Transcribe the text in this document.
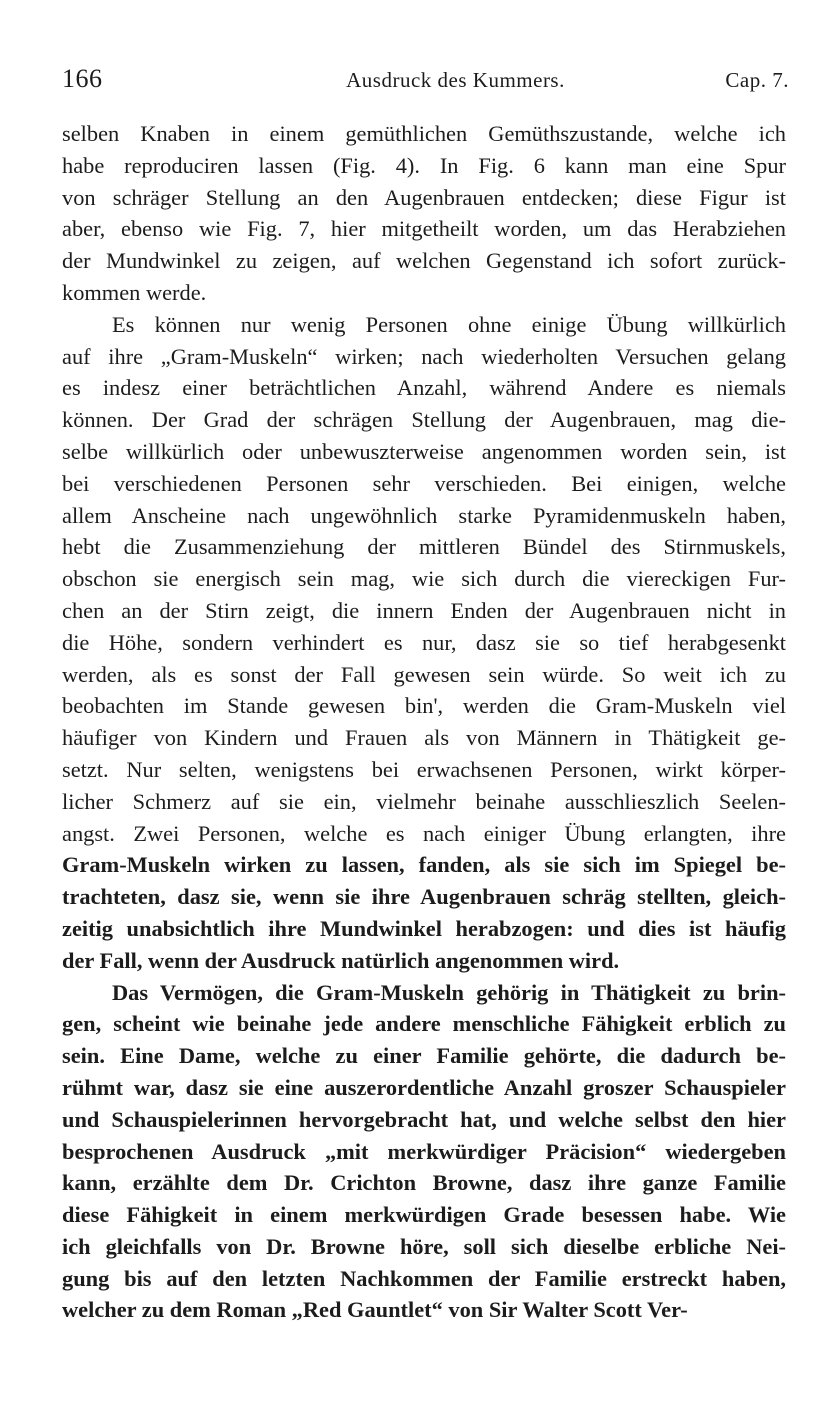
166	Ausdruck des Kummers.	Cap. 7.

selben Knaben in einem gemüthlichen Gemüthszustande, welche ich
habe reproduciren lassen (Fig. 4). In Fig. 6 kann man eine Spur
von schräger Stellung an den Augenbrauen entdecken; diese Figur ist
aber, ebenso wie Fig. 7, hier mitgetheilt worden, um das Herabziehen
der Mundwinkel zu zeigen, auf welchen Gegenstand ich sofort zurück-
kommen werde.

Es können nur wenig Personen ohne einige Übung willkürlich
auf ihre „Gram-Muskeln“ wirken; nach wiederholten Versuchen gelang
es indesz einer beträchtlichen Anzahl, während Andere es niemals
können. Der Grad der schrägen Stellung der Augenbrauen, mag die-
selbe willkürlich oder unbewuszterweise angenommen worden sein, ist
bei verschiedenen Personen sehr verschieden. Bei einigen, welche
allem Anscheine nach ungewöhnlich starke Pyramidenmuskeln haben,
hebt die Zusammenziehung der mittleren Bündel des Stirnmuskels,
obschon sie energisch sein mag, wie sich durch die viereckigen Fur-
chen an der Stirn zeigt, die innern Enden der Augenbrauen nicht in
die Höhe, sondern verhindert es nur, dasz sie so tief herabgesenkt
werden, als es sonst der Fall gewesen sein würde. So weit ich zu
beobachten im Stande gewesen bin', werden die Gram-Muskeln viel
häufiger von Kindern und Frauen als von Männern in Thätigkeit ge-
setzt. Nur selten, wenigstens bei erwachsenen Personen, wirkt körper-
licher Schmerz auf sie ein, vielmehr beinahe ausschlieszlich Seelen-
angst. Zwei Personen, welche es nach einiger Übung erlangten, ihre
Gram-Muskeln wirken zu lassen, fanden, als sie sich im Spiegel be-
trachteten, dasz sie, wenn sie ihre Augenbrauen schräg stellten, gleich-
zeitig unabsichtlich ihre Mundwinkel herabzogen: und dies ist häufig
der Fall, wenn der Ausdruck natürlich angenommen wird.

Das Vermögen, die Gram-Muskeln gehörig in Thätigkeit zu brin-
gen, scheint wie beinahe jede andere menschliche Fähigkeit erblich zu
sein. Eine Dame, welche zu einer Familie gehörte, die dadurch be-
rühmt war, dasz sie eine auszerordentliche Anzahl groszer Schauspieler
und Schauspielerinnen hervorgebracht hat, und welche selbst den hier
besprochenen Ausdruck „mit merkwürdiger Präcision“ wiedergeben
kann, erzählte dem Dr. Crichton Browne, dasz ihre ganze Familie
diese Fähigkeit in einem merkwürdigen Grade besessen habe. Wie
ich gleichfalls von Dr. Browne höre, soll sich dieselbe erbliche Nei-
gung bis auf den letzten Nachkommen der Familie erstreckt haben,
welcher zu dem Roman „Red Gauntlet“ von Sir Walter Scott Ver-
